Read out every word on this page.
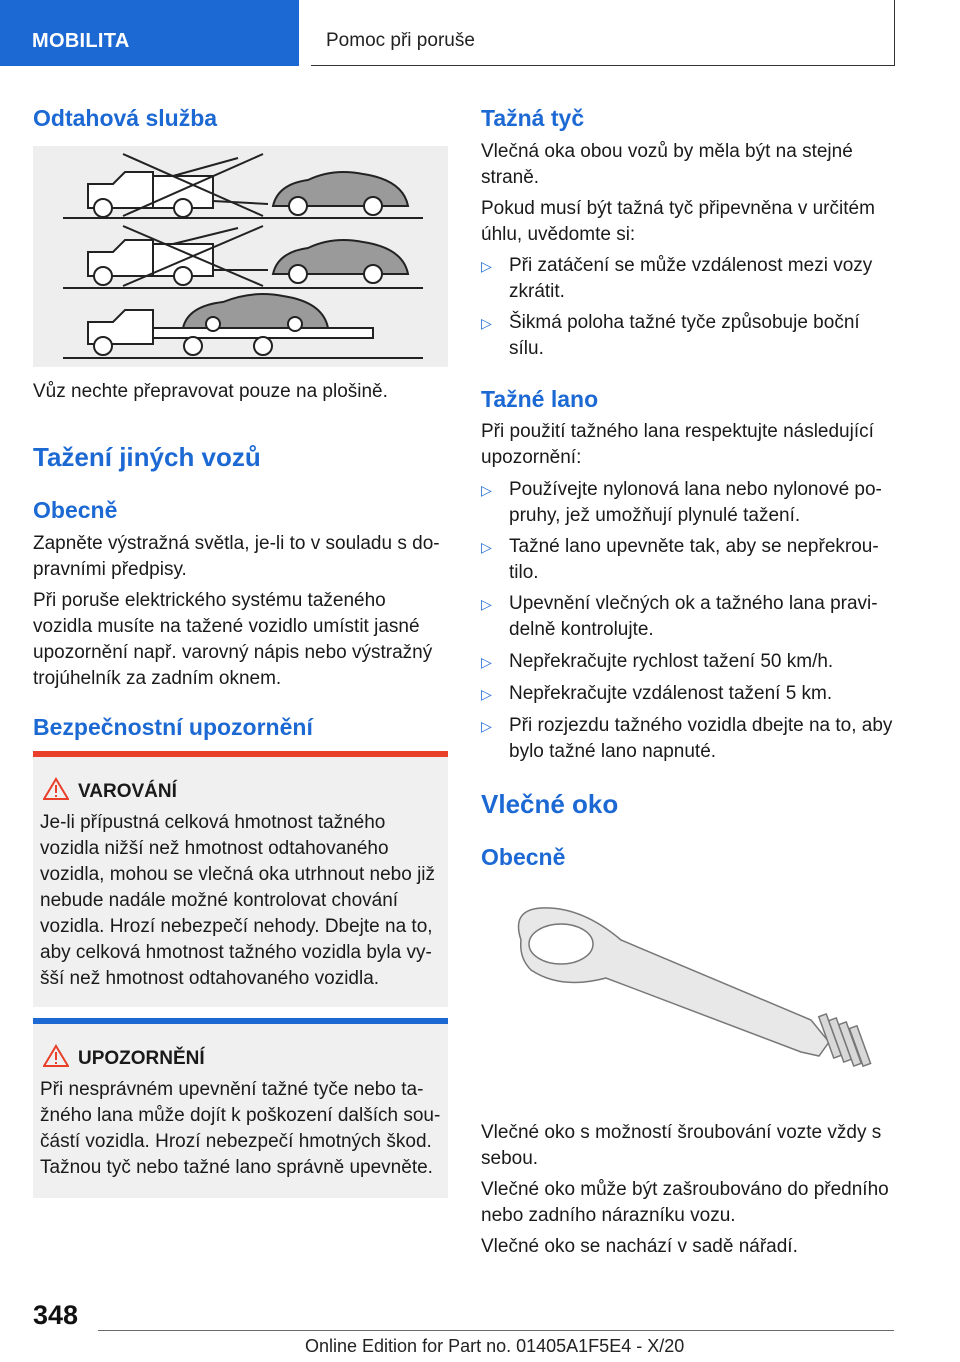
MOBILITA	Pomoc při poruše
Odtahová služba
Vůz nechte přepravovat pouze na plošině.
Tažení jiných vozů
Obecně
Zapněte výstražná světla, je-li to v souladu s do-pravními předpisy.
Při poruše elektrického systému taženého vozidla musíte na tažené vozidlo umístit jasné upozornění např. varovný nápis nebo výstražný trojúhelník za zadním oknem.
Bezpečnostní upozornění
VAROVÁNÍ
Je-li přípustná celková hmotnost tažného vozidla nižší než hmotnost odtahovaného vozidla, mohou se vlečná oka utrhnout nebo již nebude nadále možné kontrolovat chování vozidla. Hrozí nebezpečí nehody. Dbejte na to, aby celková hmotnost tažného vozidla byla vy-šší než hmotnost odtahovaného vozidla.
UPOZORNĚNÍ
Při nesprávném upevnění tažné tyče nebo ta-žného lana může dojít k poškození dalších sou-částí vozidla. Hrozí nebezpečí hmotných škod. Tažnou tyč nebo tažné lano správně upevněte.
Tažná tyč
Vlečná oka obou vozů by měla být na stejné straně.
Pokud musí být tažná tyč připevněna v určitém úhlu, uvědomte si:
▷ Při zatáčení se může vzdálenost mezi vozy zkrátit.
▷ Šikmá poloha tažné tyče způsobuje boční sílu.
Tažné lano
Při použití tažného lana respektujte následující upozornění:
▷ Používejte nylonová lana nebo nylonové po-pruhy, jež umožňují plynulé tažení.
▷ Tažné lano upevněte tak, aby se nepřekrou-tilo.
▷ Upevnění vlečných ok a tažného lana pravi-delně kontrolujte.
▷ Nepřekračujte rychlost tažení 50 km/h.
▷ Nepřekračujte vzdálenost tažení 5 km.
▷ Při rozjezdu tažného vozidla dbejte na to, aby bylo tažné lano napnuté.
Vlečné oko
Obecně
Vlečné oko s možností šroubování vozte vždy s sebou.
Vlečné oko může být zašroubováno do předního nebo zadního nárazníku vozu.
Vlečné oko se nachází v sadě nářadí.
348
Online Edition for Part no. 01405A1F5E4 - X/20
